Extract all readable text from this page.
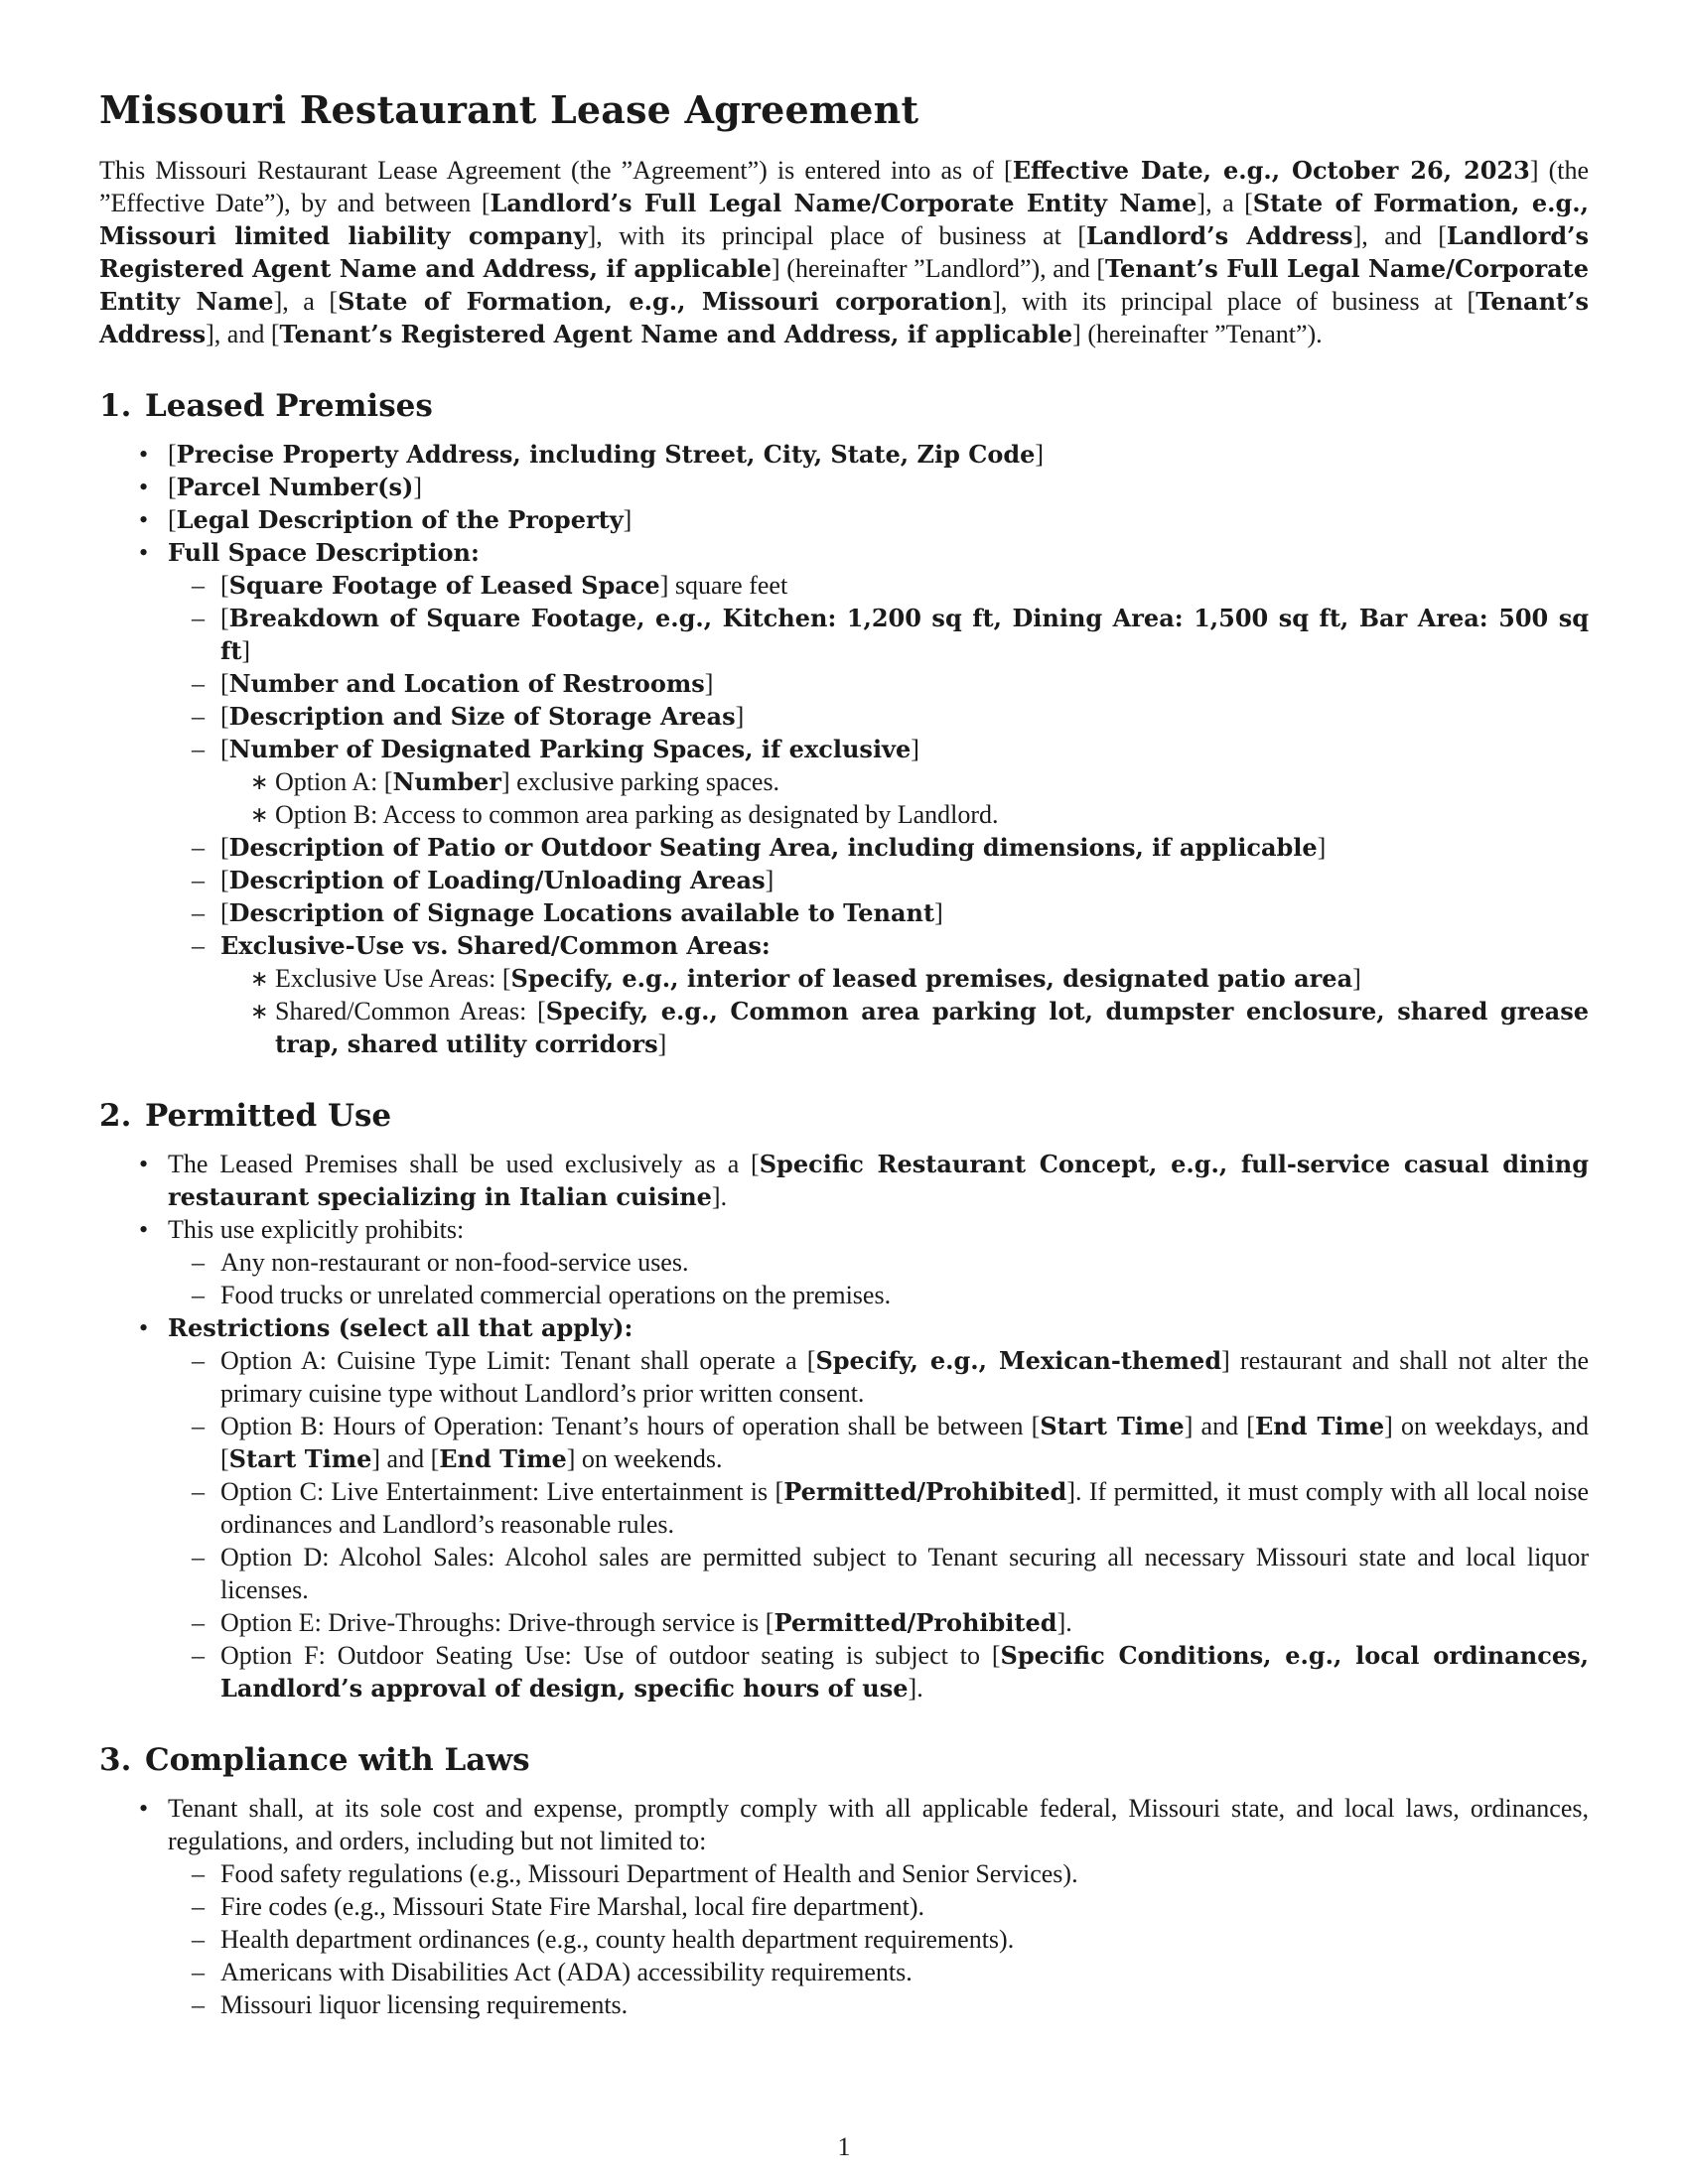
Missouri Restaurant Lease Agreement

This Missouri Restaurant Lease Agreement (the ”Agreement”) is entered into as of [Effective Date, e.g., October 26, 2023] (the ”Effective Date”), by and between [Landlord’s Full Legal Name/Corporate Entity Name], a [State of Formation, e.g., Missouri limited liability company], with its principal place of business at [Landlord’s Address], and [Landlord’s Registered Agent Name and Address, if applicable] (hereinafter ”Landlord”), and [Tenant’s Full Legal Name/Corporate Entity Name], a [State of Formation, e.g., Missouri corporation], with its principal place of business at [Tenant’s Address], and [Tenant’s Registered Agent Name and Address, if applicable] (hereinafter ”Tenant”).

1. Leased Premises
• [Precise Property Address, including Street, City, State, Zip Code]
• [Parcel Number(s)]
• [Legal Description of the Property]
• Full Space Description:
– [Square Footage of Leased Space] square feet
– [Breakdown of Square Footage, e.g., Kitchen: 1,200 sq ft, Dining Area: 1,500 sq ft, Bar Area: 500 sq ft]
– [Number and Location of Restrooms]
– [Description and Size of Storage Areas]
– [Number of Designated Parking Spaces, if exclusive]
∗ Option A: [Number] exclusive parking spaces.
∗ Option B: Access to common area parking as designated by Landlord.
– [Description of Patio or Outdoor Seating Area, including dimensions, if applicable]
– [Description of Loading/Unloading Areas]
– [Description of Signage Locations available to Tenant]
– Exclusive-Use vs. Shared/Common Areas:
∗ Exclusive Use Areas: [Specify, e.g., interior of leased premises, designated patio area]
∗ Shared/Common Areas: [Specify, e.g., Common area parking lot, dumpster enclosure, shared grease trap, shared utility corridors]
2. Permitted Use
• The Leased Premises shall be used exclusively as a [Specific Restaurant Concept, e.g., full-service casual dining restaurant specializing in Italian cuisine].
• This use explicitly prohibits:
– Any non-restaurant or non-food-service uses.
– Food trucks or unrelated commercial operations on the premises.
• Restrictions (select all that apply):
– Option A: Cuisine Type Limit: Tenant shall operate a [Specify, e.g., Mexican-themed] restaurant and shall not alter the primary cuisine type without Landlord’s prior written consent.
– Option B: Hours of Operation: Tenant’s hours of operation shall be between [Start Time] and [End Time] on weekdays, and [Start Time] and [End Time] on weekends.
– Option C: Live Entertainment: Live entertainment is [Permitted/Prohibited]. If permitted, it must comply with all local noise ordinances and Landlord’s reasonable rules.
– Option D: Alcohol Sales: Alcohol sales are permitted subject to Tenant securing all necessary Missouri state and local liquor licenses.
– Option E: Drive-Throughs: Drive-through service is [Permitted/Prohibited].
– Option F: Outdoor Seating Use: Use of outdoor seating is subject to [Specific Conditions, e.g., local ordinances, Landlord’s approval of design, specific hours of use].
3. Compliance with Laws
• Tenant shall, at its sole cost and expense, promptly comply with all applicable federal, Missouri state, and local laws, ordinances, regulations, and orders, including but not limited to:
– Food safety regulations (e.g., Missouri Department of Health and Senior Services).
– Fire codes (e.g., Missouri State Fire Marshal, local fire department).
– Health department ordinances (e.g., county health department requirements).
– Americans with Disabilities Act (ADA) accessibility requirements.
– Missouri liquor licensing requirements.
1
